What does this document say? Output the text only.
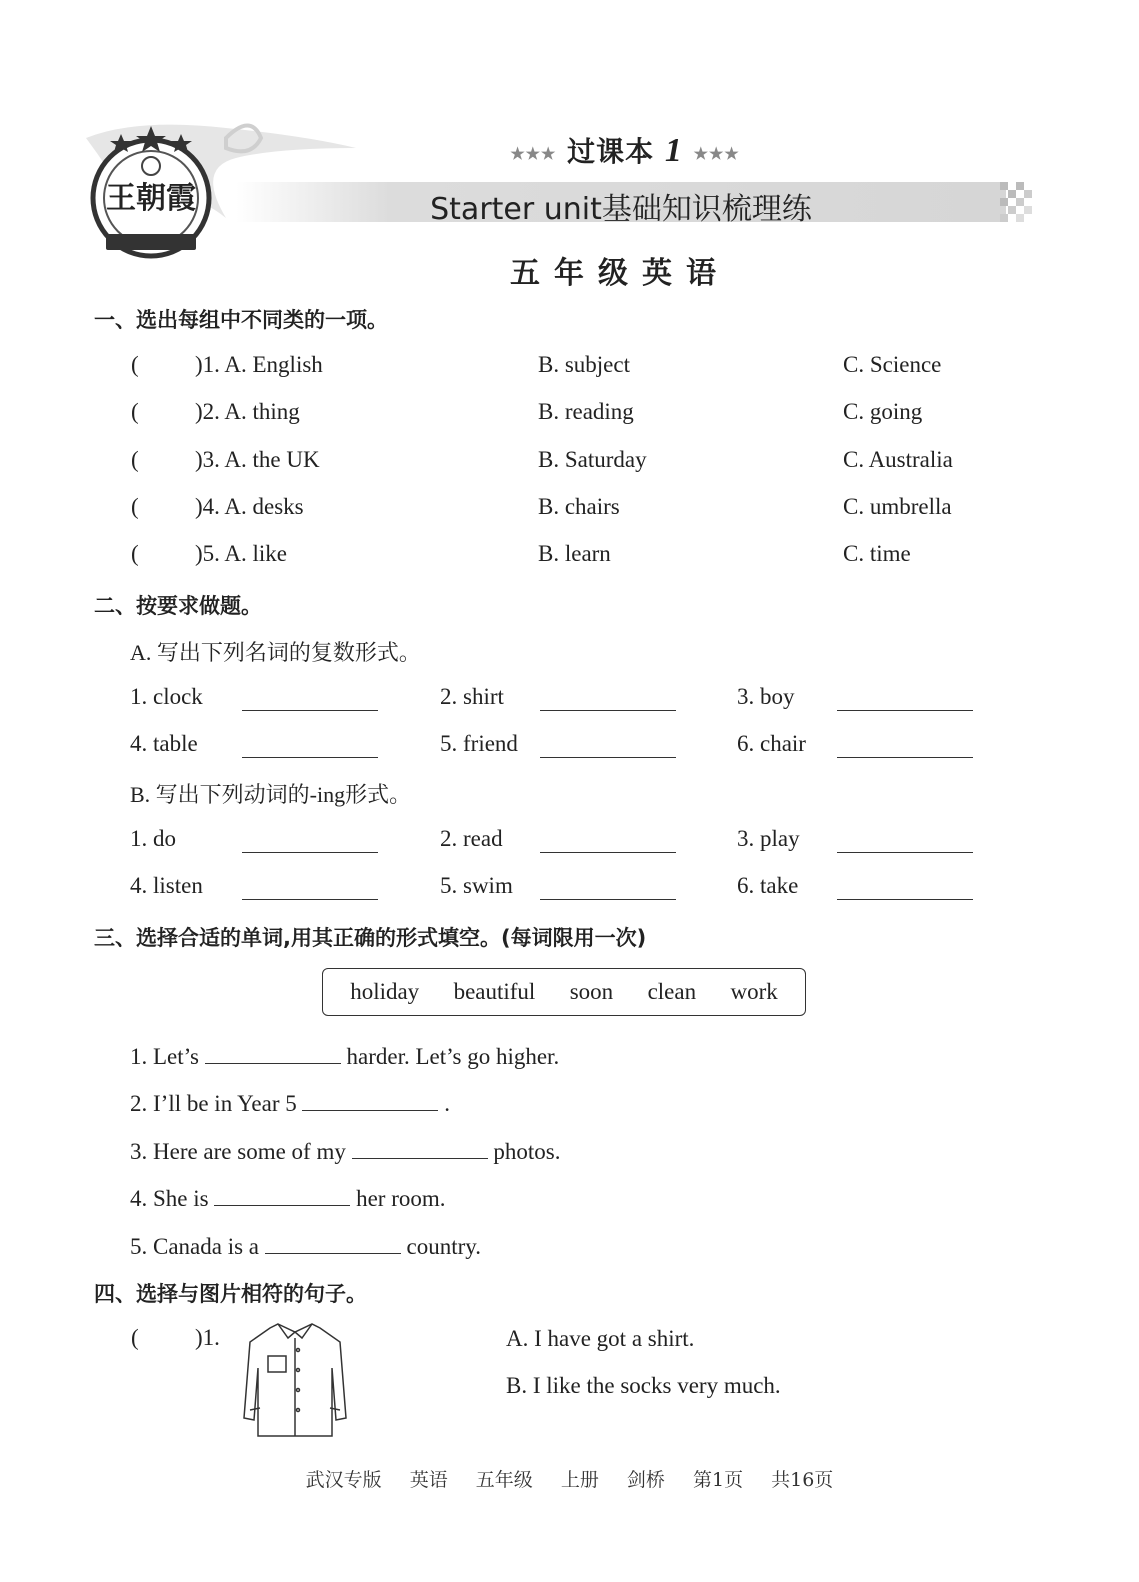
王朝霞
★★★ 过课本 1 ★★★
Starter unit基础知识梳理练
五年级英语
一、选出每组中不同类的一项。
( )1. A. English	B. subject	C. Science
( )2. A. thing	B. reading	C. going
( )3. A. the UK	B. Saturday	C. Australia
( )4. A. desks	B. chairs	C. umbrella
( )5. A. like	B. learn	C. time
二、按要求做题。
A. 写出下列名词的复数形式。
1. clock	2. shirt	3. boy
4. table	5. friend	6. chair
B. 写出下列动词的-ing形式。
1. do	2. read	3. play
4. listen	5. swim	6. take
三、选择合适的单词,用其正确的形式填空。(每词限用一次)
holiday beautiful soon clean work
1. Let’s	harder. Let’s go higher.
2. I’ll be in Year 5	.
3. Here are some of my	photos.
4. She is	her room.
5. Canada is a	country.
四、选择与图片相符的句子。
( )1.	A. I have got a shirt.
B. I like the socks very much.
武汉专版 英语 五年级 上册 剑桥 第1页 共16页
